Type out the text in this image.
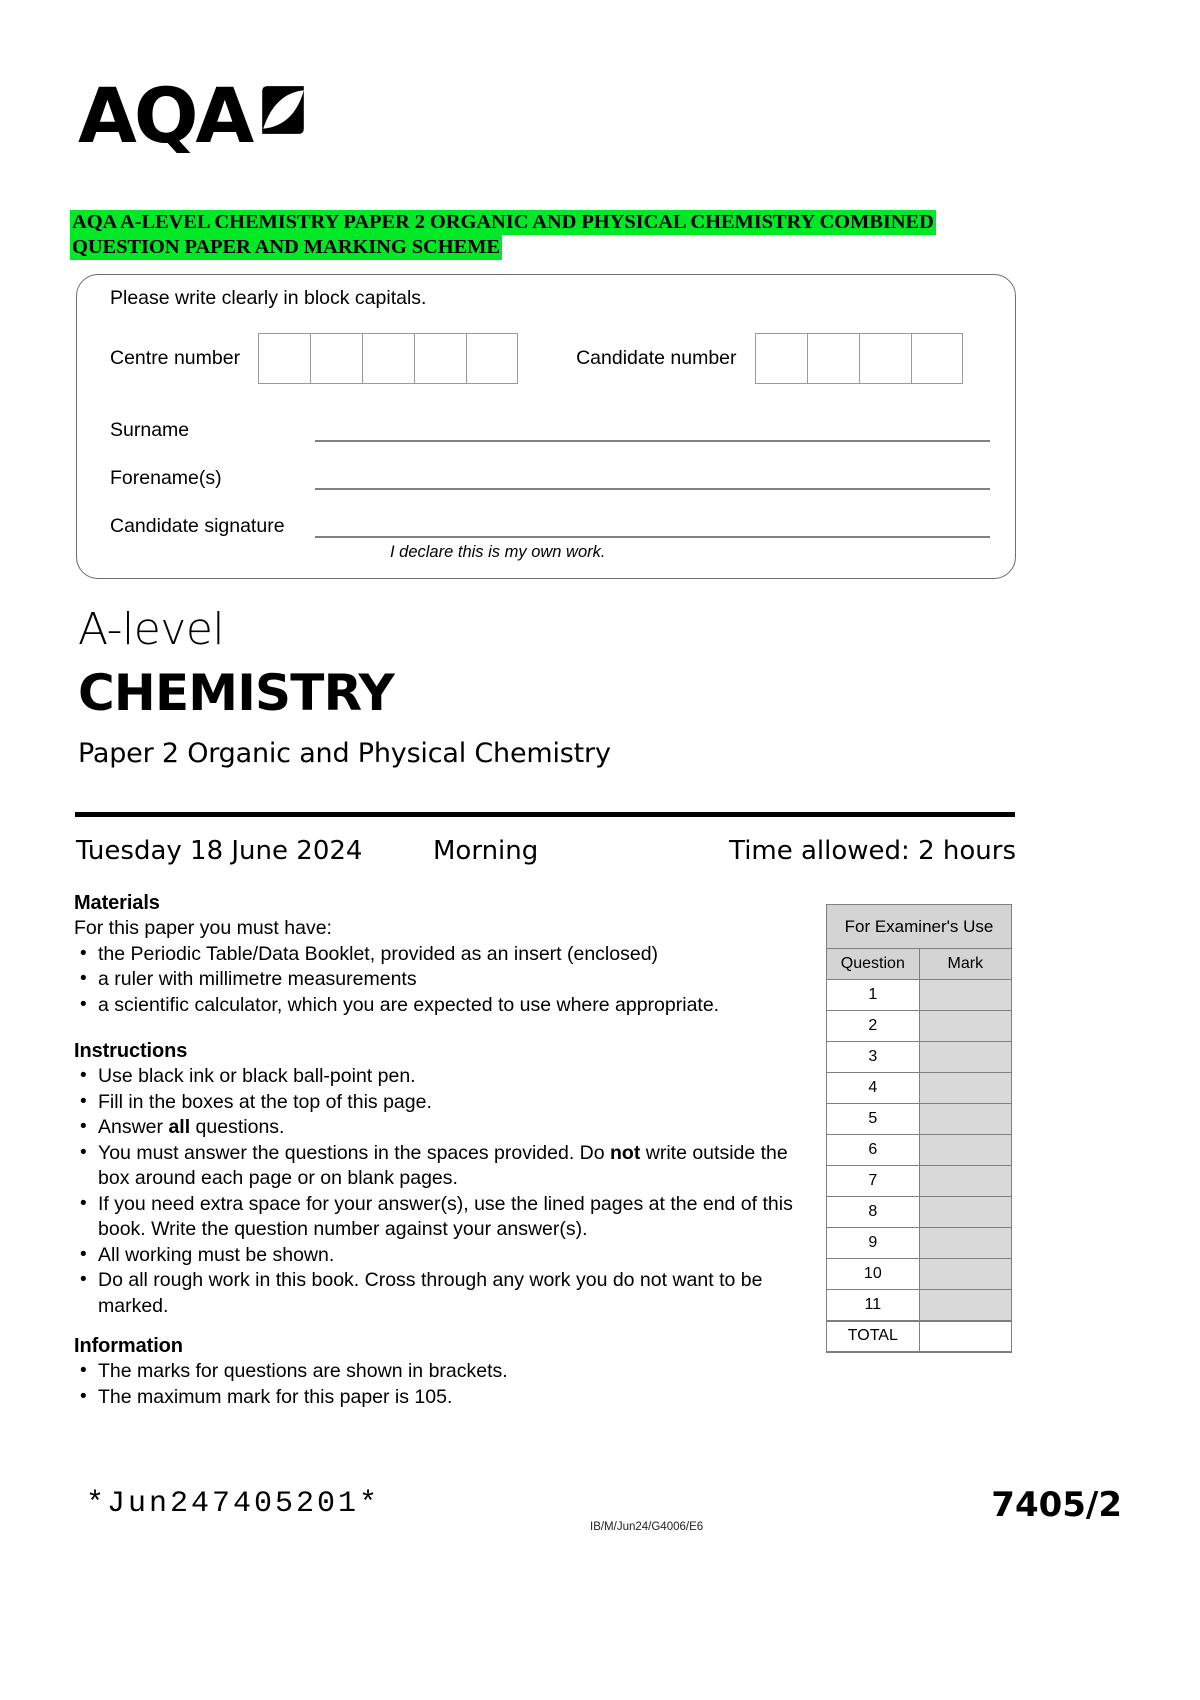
AQA
AQA A-LEVEL CHEMISTRY PAPER 2 ORGANIC AND PHYSICAL CHEMISTRY COMBINED
QUESTION PAPER AND MARKING SCHEME
Please write clearly in block capitals.
Centre number	Candidate number
Surname
Forename(s)
Candidate signature
I declare this is my own work.
A-level
CHEMISTRY
Paper 2 Organic and Physical Chemistry
Tuesday 18 June 2024	Morning	Time allowed: 2 hours
Materials

For this paper you must have:

• the Periodic Table/Data Booklet, provided as an insert (enclosed)
• a ruler with millimetre measurements
• a scientific calculator, which you are expected to use where appropriate.
Instructions
• Use black ink or black ball-point pen.
• Fill in the boxes at the top of this page.
• Answer all questions.
• You must answer the questions in the spaces provided. Do not write outside the box around each page or on blank pages.
• If you need extra space for your answer(s), use the lined pages at the end of this book. Write the question number against your answer(s).
• All working must be shown.
• Do all rough work in this book. Cross through any work you do not want to be marked.
Information
• The marks for questions are shown in brackets.
• The maximum mark for this paper is 105.
For Examiner's Use	
Question	Mark
1	
2	
3	
4	
5	
6	
7	
8	
9	
10	
11	
TOTAL	
*Jun247405201*
IB/M/Jun24/G4006/E6
7405/2
